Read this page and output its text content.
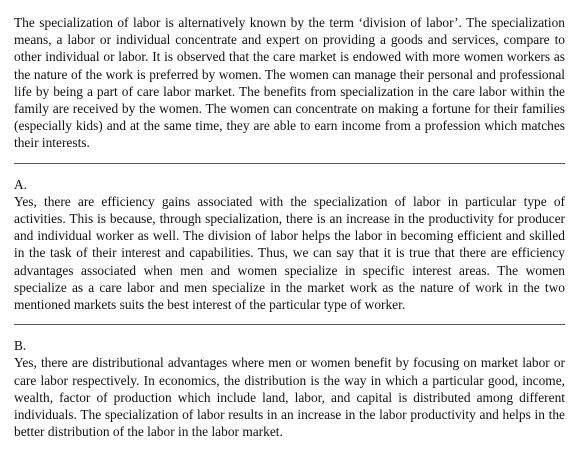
The specialization of labor is alternatively known by the term ‘division of labor’. The specialization means, a labor or individual concentrate and expert on providing a goods and services, compare to other individual or labor. It is observed that the care market is endowed with more women workers as the nature of the work is preferred by women. The women can manage their personal and professional life by being a part of care labor market. The benefits from specialization in the care labor within the family are received by the women. The women can concentrate on making a fortune for their families (especially kids) and at the same time, they are able to earn income from a profession which matches their interests.

A.

Yes, there are efficiency gains associated with the specialization of labor in particular type of activities. This is because, through specialization, there is an increase in the productivity for producer and individual worker as well. The division of labor helps the labor in becoming efficient and skilled in the task of their interest and capabilities. Thus, we can say that it is true that there are efficiency advantages associated when men and women specialize in specific interest areas. The women specialize as a care labor and men specialize in the market work as the nature of work in the two mentioned markets suits the best interest of the particular type of worker.

B.

Yes, there are distributional advantages where men or women benefit by focusing on market labor or care labor respectively. In economics, the distribution is the way in which a particular good, income, wealth, factor of production which include land, labor, and capital is distributed among different individuals. The specialization of labor results in an increase in the labor productivity and helps in the better distribution of the labor in the labor market.
